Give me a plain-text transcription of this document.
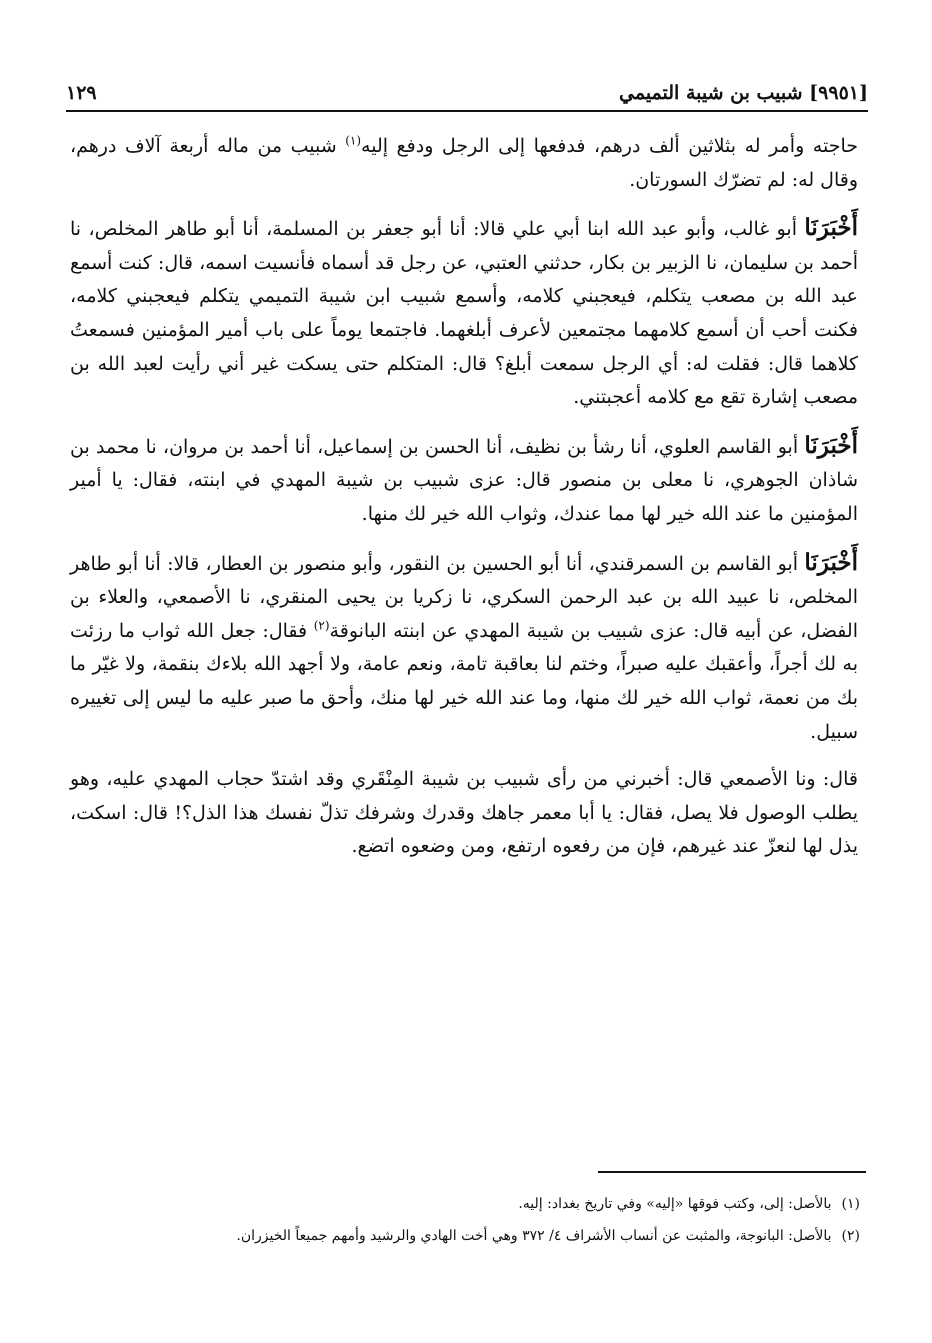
[٩٩٥١] شبيب بن شيبة التميمي
١٢٩

حاجته وأمر له بثلاثين ألف درهم، فدفعها إلى الرجل ودفع إليه$^{(١)}$ شبيب من ماله أربعة آلاف درهم، وقال له: لم تضرّك السورتان.

أَخْبَرَنَا أبو غالب، وأبو عبد الله ابنا أبي علي قالا: أنا أبو جعفر بن المسلمة، أنا أبو طاهر المخلص، نا أحمد بن سليمان، نا الزبير بن بكار، حدثني العتبي، عن رجل قد أسماه فأنسيت اسمه، قال: كنت أسمع عبد الله بن مصعب يتكلم، فيعجبني كلامه، وأسمع شبيب ابن شيبة التميمي يتكلم فيعجبني كلامه، فكنت أحب أن أسمع كلامهما مجتمعين لأعرف أبلغهما. فاجتمعا يوماً على باب أمير المؤمنين فسمعتُ كلاهما قال: فقلت له: أي الرجل سمعت أبلغ؟ قال: المتكلم حتى يسكت غير أني رأيت لعبد الله بن مصعب إشارة تقع مع كلامه أعجبتني.

أَخْبَرَنَا أبو القاسم العلوي، أنا رشأ بن نظيف، أنا الحسن بن إسماعيل، أنا أحمد بن مروان، نا محمد بن شاذان الجوهري، نا معلى بن منصور قال: عزى شبيب بن شيبة المهدي في ابنته، فقال: يا أمير المؤمنين ما عند الله خير لها مما عندك، وثواب الله خير لك منها.

أَخْبَرَنَا أبو القاسم بن السمرقندي، أنا أبو الحسين بن النقور، وأبو منصور بن العطار، قالا: أنا أبو طاهر المخلص، نا عبيد الله بن عبد الرحمن السكري، نا زكريا بن يحيى المنقري، نا الأصمعي، والعلاء بن الفضل، عن أبيه قال: عزى شبيب بن شيبة المهدي عن ابنته البانوقة$^{(٢)}$ فقال: جعل الله ثواب ما رزئت به لك أجراً، وأعقبك عليه صبراً، وختم لنا بعاقبة تامة، ونعم عامة، ولا أجهد الله بلاءك بنقمة، ولا غيّر ما بك من نعمة، ثواب الله خير لك منها، وما عند الله خير لها منك، وأحق ما صبر عليه ما ليس إلى تغييره سبيل.

قال: ونا الأصمعي قال: أخبرني من رأى شبيب بن شيبة المِنْقَري وقد اشتدّ حجاب المهدي عليه، وهو يطلب الوصول فلا يصل، فقال: يا أبا معمر جاهك وقدرك وشرفك تذلّ نفسك هذا الذل؟! قال: اسكت، يذل لها لنعزّ عند غيرهم، فإن من رفعوه ارتفع، ومن وضعوه اتضع.

(١)بالأصل: إلى، وكتب فوقها «إليه» وفي تاريخ بغداد: إليه.

(٢)بالأصل: البانوجة، والمثبت عن أنساب الأشراف ٤/ ٣٧٢ وهي أخت الهادي والرشيد وأمهم جميعاً الخيزران.
